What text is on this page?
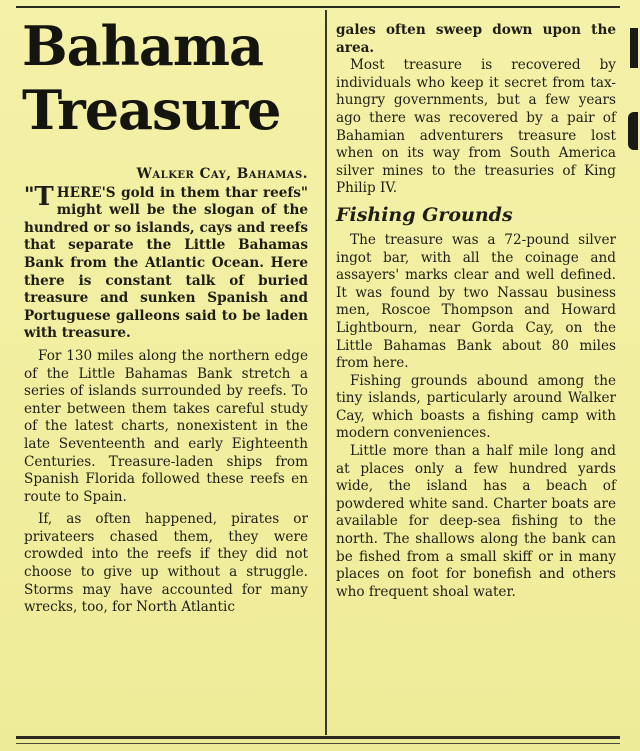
Bahama
Treasure
Walker Cay, Bahamas.

" T HERE'S gold in them thar reefs" might well be the slogan of the hundred or so islands, cays and reefs that separate the Little Bahamas Bank from the Atlantic Ocean. Here there is constant talk of buried treasure and sunken Spanish and Portuguese galleons said to be laden with treasure.

For 130 miles along the northern edge of the Little Bahamas Bank stretch a series of islands surrounded by reefs. To enter between them takes careful study of the latest charts, nonexistent in the late Seventeenth and early Eighteenth Centuries. Treasure-laden ships from Spanish Florida followed these reefs en route to Spain.

If, as often happened, pirates or privateers chased them, they were crowded into the reefs if they did not choose to give up without a struggle. Storms may have accounted for many wrecks, too, for North Atlantic

gales often sweep down upon the area.

Most treasure is recovered by individuals who keep it secret from tax-hungry governments, but a few years ago there was recovered by a pair of Bahamian adventurers treasure lost when on its way from South America silver mines to the treasuries of King Philip IV.

Fishing Grounds

The treasure was a 72-pound silver ingot bar, with all the coinage and assayers' marks clear and well defined. It was found by two Nassau business men, Roscoe Thompson and Howard Lightbourn, near Gorda Cay, on the Little Bahamas Bank about 80 miles from here.

Fishing grounds abound among the tiny islands, particularly around Walker Cay, which boasts a fishing camp with modern conveniences.

Little more than a half mile long and at places only a few hundred yards wide, the island has a beach of powdered white sand. Charter boats are available for deep-sea fishing to the north. The shallows along the bank can be fished from a small skiff or in many places on foot for bonefish and others who frequent shoal water.
